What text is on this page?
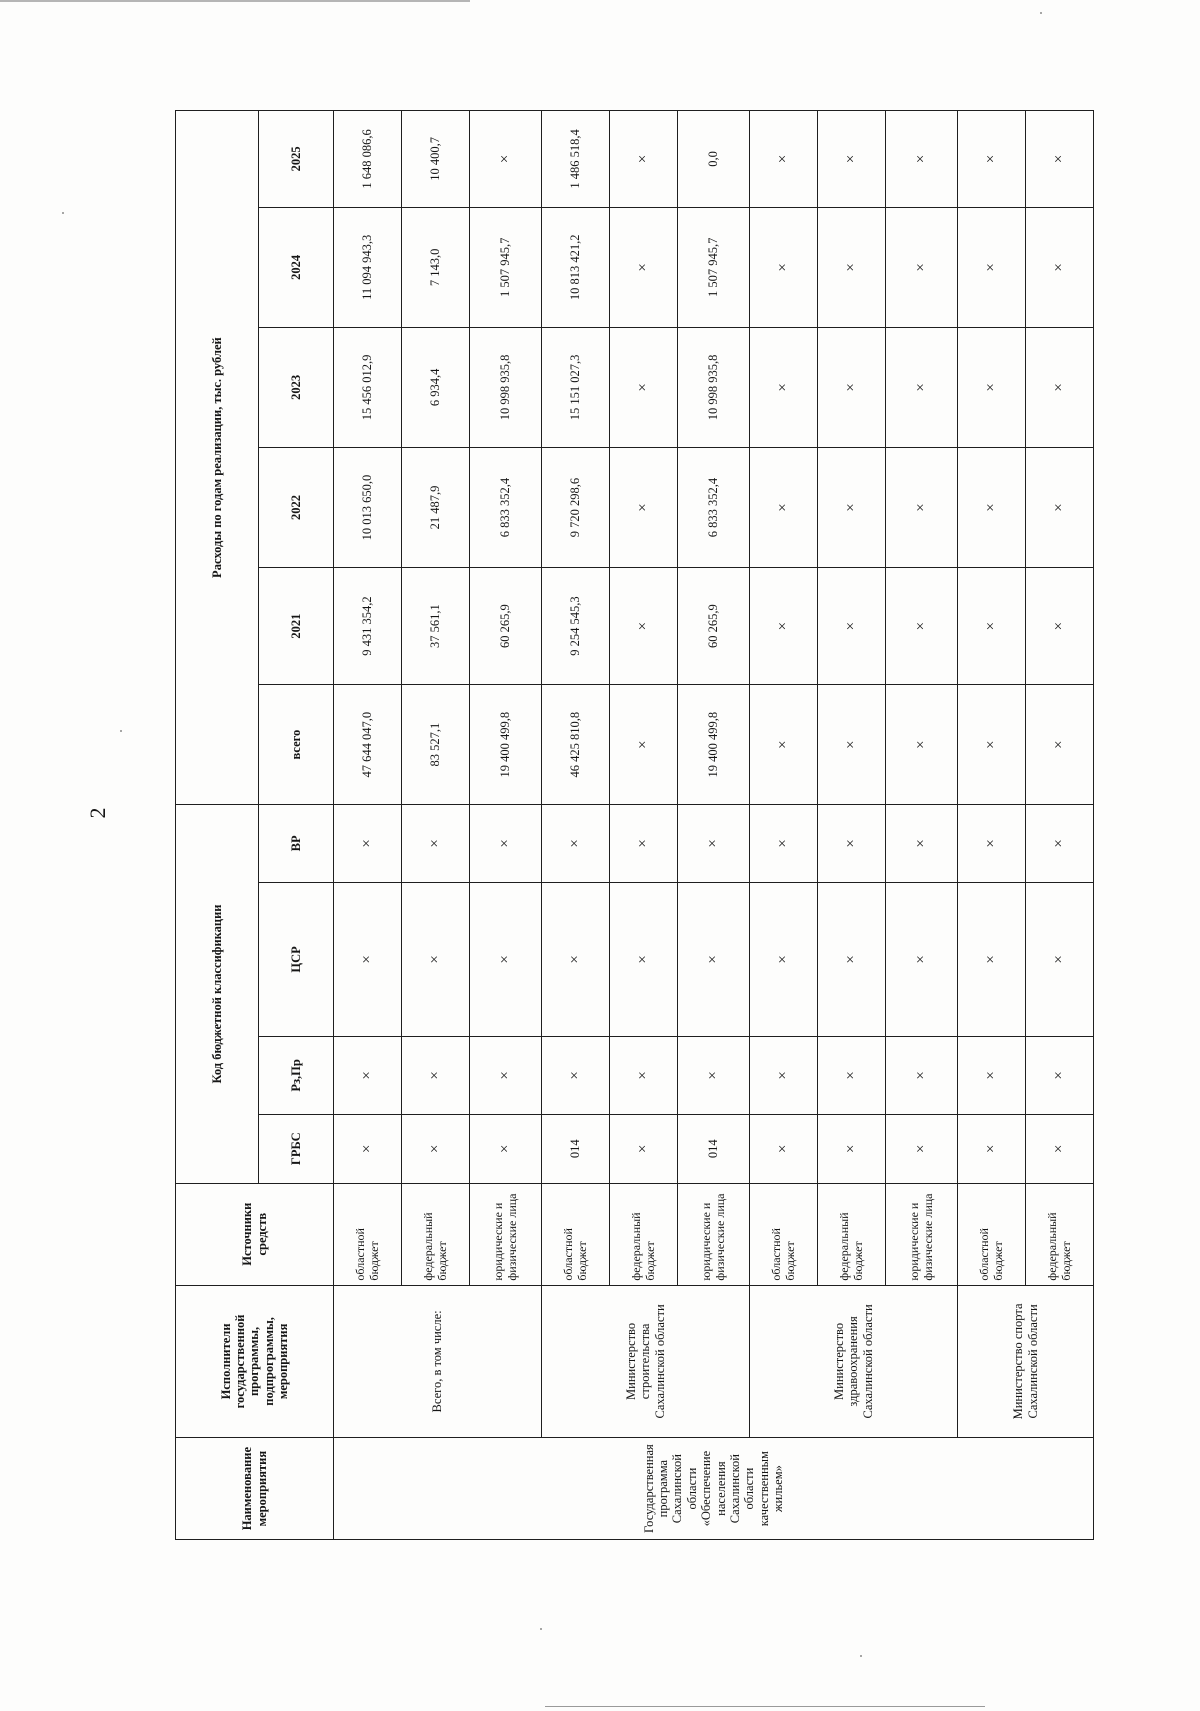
2
Наименование мероприятия	Исполнители государственной программы, подпрограммы, мероприятия	Источники средств	Код бюджетной классификации				Расходы по годам реализации, тыс. рублей					
			ГРБС	Рз,Пр	ЦСР	ВР	всего	2021	2022	2023	2024	2025
Государственная программа Сахалинской области «Обеспечение населения Сахалинской области качественным жильем»	Всего, в том числе:	областной бюджет	×	×	×	×	47 644 047,0	9 431 354,2	10 013 650,0	15 456 012,9	11 094 943,3	1 648 086,6
		федеральный бюджет	×	×	×	×	83 527,1	37 561,1	21 487,9	6 934,4	7 143,0	10 400,7
		юридические и физические лица	×	×	×	×	19 400 499,8	60 265,9	6 833 352,4	10 998 935,8	1 507 945,7	×
	Министерство строительства Сахалинской области	областной бюджет	014	×	×	×	46 425 810,8	9 254 545,3	9 720 298,6	15 151 027,3	10 813 421,2	1 486 518,4
		федеральный бюджет	×	×	×	×	×	×	×	×	×	×
		юридические и физические лица	014	×	×	×	19 400 499,8	60 265,9	6 833 352,4	10 998 935,8	1 507 945,7	0,0
	Министерство здравоохранения Сахалинской области	областной бюджет	×	×	×	×	×	×	×	×	×	×
		федеральный бюджет	×	×	×	×	×	×	×	×	×	×
		юридические и физические лица	×	×	×	×	×	×	×	×	×	×
	Министерство спорта Сахалинской области	областной бюджет	×	×	×	×	×	×	×	×	×	×
		федеральный бюджет	×	×	×	×	×	×	×	×	×	×
